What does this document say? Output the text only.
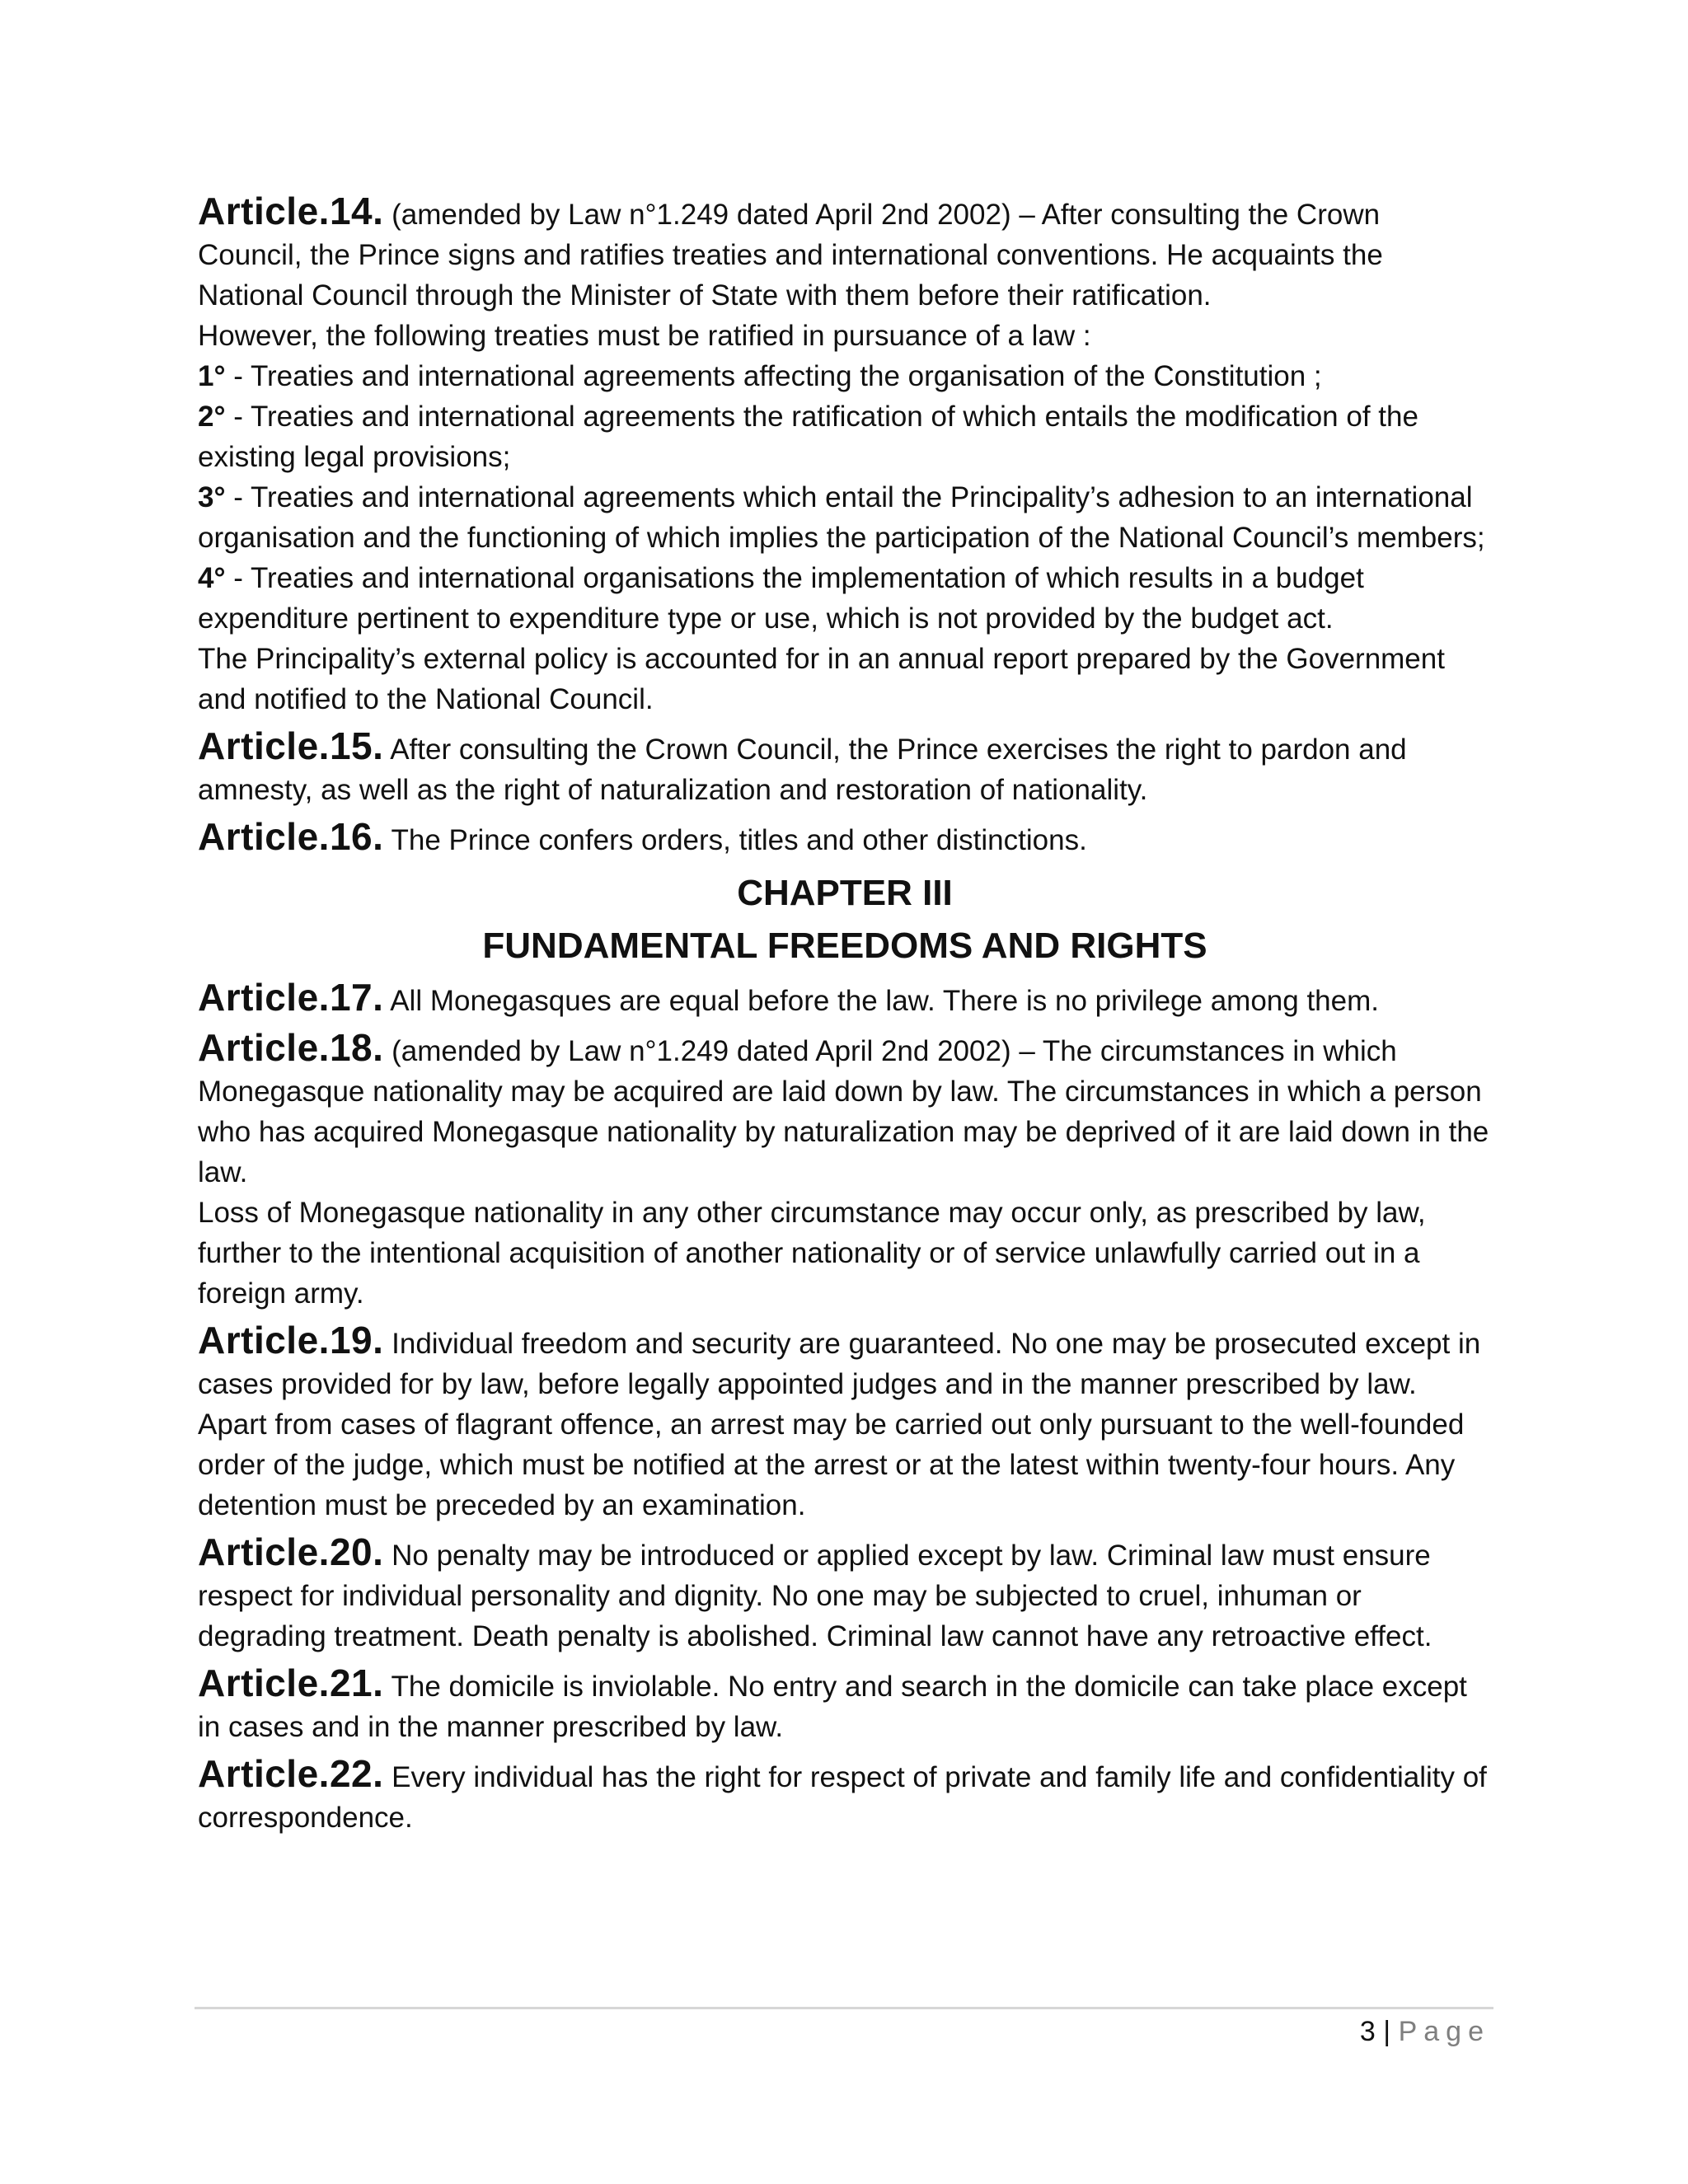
Article.14. (amended by Law n°1.249 dated April 2nd 2002) – After consulting the Crown Council, the Prince signs and ratifies treaties and international conventions. He acquaints the National Council through the Minister of State with them before their ratification.

However, the following treaties must be ratified in pursuance of a law :

1° - Treaties and international agreements affecting the organisation of the Constitution ;

2° - Treaties and international agreements the ratification of which entails the modification of the existing legal provisions;

3° - Treaties and international agreements which entail the Principality’s adhesion to an international organisation and the functioning of which implies the participation of the National Council’s members;

4° - Treaties and international organisations the implementation of which results in a budget expenditure pertinent to expenditure type or use, which is not provided by the budget act.

The Principality’s external policy is accounted for in an annual report prepared by the Government and notified to the National Council.

Article.15. After consulting the Crown Council, the Prince exercises the right to pardon and amnesty, as well as the right of naturalization and restoration of nationality.

Article.16. The Prince confers orders, titles and other distinctions.

CHAPTER III
FUNDAMENTAL FREEDOMS AND RIGHTS

Article.17. All Monegasques are equal before the law. There is no privilege among them.

Article.18. (amended by Law n°1.249 dated April 2nd 2002) – The circumstances in which Monegasque nationality may be acquired are laid down by law. The circumstances in which a person who has acquired Monegasque nationality by naturalization may be deprived of it are laid down in the law.

Loss of Monegasque nationality in any other circumstance may occur only, as prescribed by law, further to the intentional acquisition of another nationality or of service unlawfully carried out in a foreign army.

Article.19. Individual freedom and security are guaranteed. No one may be prosecuted except in cases provided for by law, before legally appointed judges and in the manner prescribed by law. Apart from cases of flagrant offence, an arrest may be carried out only pursuant to the well-founded order of the judge, which must be notified at the arrest or at the latest within twenty-four hours. Any detention must be preceded by an examination.

Article.20. No penalty may be introduced or applied except by law. Criminal law must ensure respect for individual personality and dignity. No one may be subjected to cruel, inhuman or degrading treatment. Death penalty is abolished. Criminal law cannot have any retroactive effect.

Article.21. The domicile is inviolable. No entry and search in the domicile can take place except in cases and in the manner prescribed by law.

Article.22. Every individual has the right for respect of private and family life and confidentiality of correspondence.

3 | Page
